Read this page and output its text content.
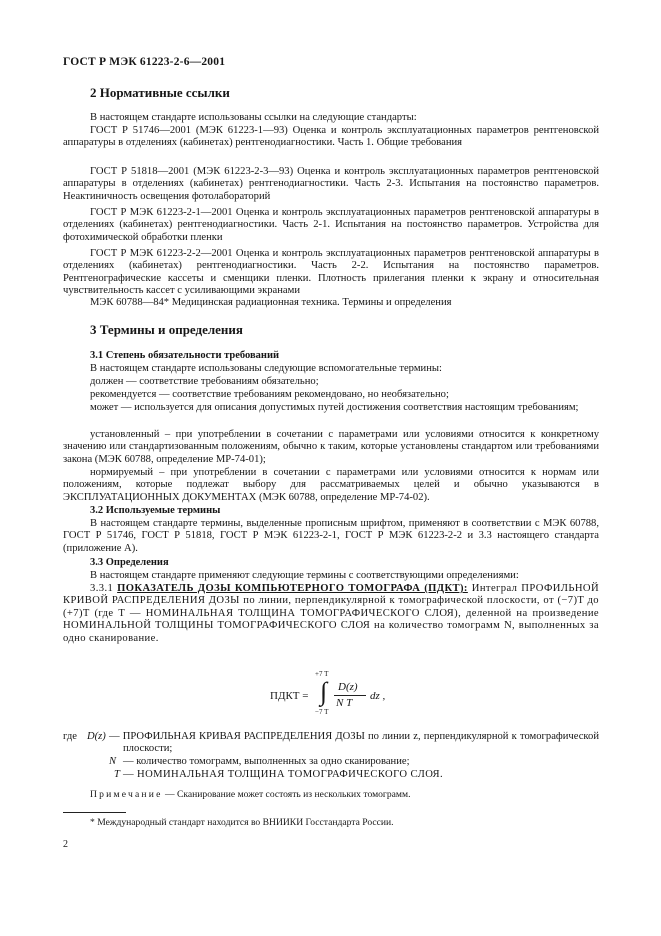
ГОСТ Р МЭК 61223-2-6—2001
2 Нормативные ссылки

В настоящем стандарте использованы ссылки на следующие стандарты:

ГОСТ Р 51746—2001 (МЭК 61223-1—93) Оценка и контроль эксплуатационных параметров рентгеновской аппаратуры в отделениях (кабинетах) рентгенодиагностики. Часть 1. Общие требования

ГОСТ Р 51818—2001 (МЭК 61223-2-3—93) Оценка и контроль эксплуатационных параметров рентгеновской аппаратуры в отделениях (кабинетах) рентгенодиагностики. Часть 2-3. Испытания на постоянство параметров. Неактиничность освещения фотолабораторий

ГОСТ Р МЭК 61223-2-1—2001 Оценка и контроль эксплуатационных параметров рентгеновской аппаратуры в отделениях (кабинетах) рентгенодиагностики. Часть 2-1. Испытания на постоянство параметров. Устройства для фотохимической обработки пленки

ГОСТ Р МЭК 61223-2-2—2001 Оценка и контроль эксплуатационных параметров рентгеновской аппаратуры в отделениях (кабинетах) рентгенодиагностики. Часть 2-2. Испытания на постоянство параметров. Рентгенографические кассеты и сменщики пленки. Плотность прилегания пленки к экрану и относительная чувствительность кассет с усиливающими экранами

МЭК 60788—84* Медицинская радиационная техника. Термины и определения

3 Термины и определения
3.1 Степень обязательности требований

В настоящем стандарте использованы следующие вспомогательные термины:

должен — соответствие требованиям обязательно;

рекомендуется — соответствие требованиям рекомендовано, но необязательно;

может — используется для описания допустимых путей достижения соответствия настоящим требованиям;

установленный – при употреблении в сочетании с параметрами или условиями относится к конкретному значению или стандартизованным положениям, обычно к таким, которые установлены стандартом или требованиями закона (МЭК 60788, определение МР-74-01);

нормируемый – при употреблении в сочетании с параметрами или условиями относится к нормам или положениям, которые подлежат выбору для рассматриваемых целей и обычно указываются в ЭКСПЛУАТАЦИОННЫХ ДОКУМЕНТАХ (МЭК 60788, определение МР-74-02).

3.2 Используемые термины

В настоящем стандарте термины, выделенные прописным шрифтом, применяют в соответствии с МЭК 60788, ГОСТ Р 51746, ГОСТ Р 51818, ГОСТ Р МЭК 61223-2-1, ГОСТ Р МЭК 61223-2-2 и 3.3 настоящего стандарта (приложение А).

3.3 Определения

В настоящем стандарте применяют следующие термины с соответствующими определениями:

3.3.1 ПОКАЗАТЕЛЬ ДОЗЫ КОМПЬЮТЕРНОГО ТОМОГРАФА (ПДКТ): Интеграл ПРОФИЛЬНОЙ КРИВОЙ РАСПРЕДЕЛЕНИЯ ДОЗЫ по линии, перпендикулярной к томографической плоскости, от (−7)T до (+7)T (где T — НОМИНАЛЬНАЯ ТОЛЩИНА ТОМОГРАФИЧЕСКОГО СЛОЯ), деленной на произведение НОМИНАЛЬНОЙ ТОЛЩИНЫ ТОМОГРАФИЧЕСКОГО СЛОЯ на количество томограмм N, выполненных за одно сканирование.

ПДКТ =
+7 T
∫
−7 T
D(z)
N T
dz ,
где D(z) — ПРОФИЛЬНАЯ КРИВАЯ РАСПРЕДЕЛЕНИЯ ДОЗЫ по линии z, перпендикулярной к томографической плоскости;
N — количество томограмм, выполненных за одно сканирование;
T — НОМИНАЛЬНАЯ ТОЛЩИНА ТОМОГРАФИЧЕСКОГО СЛОЯ.
Примечание — Сканирование может состоять из нескольких томограмм.
* Международный стандарт находится во ВНИИКИ Госстандарта России.
2
